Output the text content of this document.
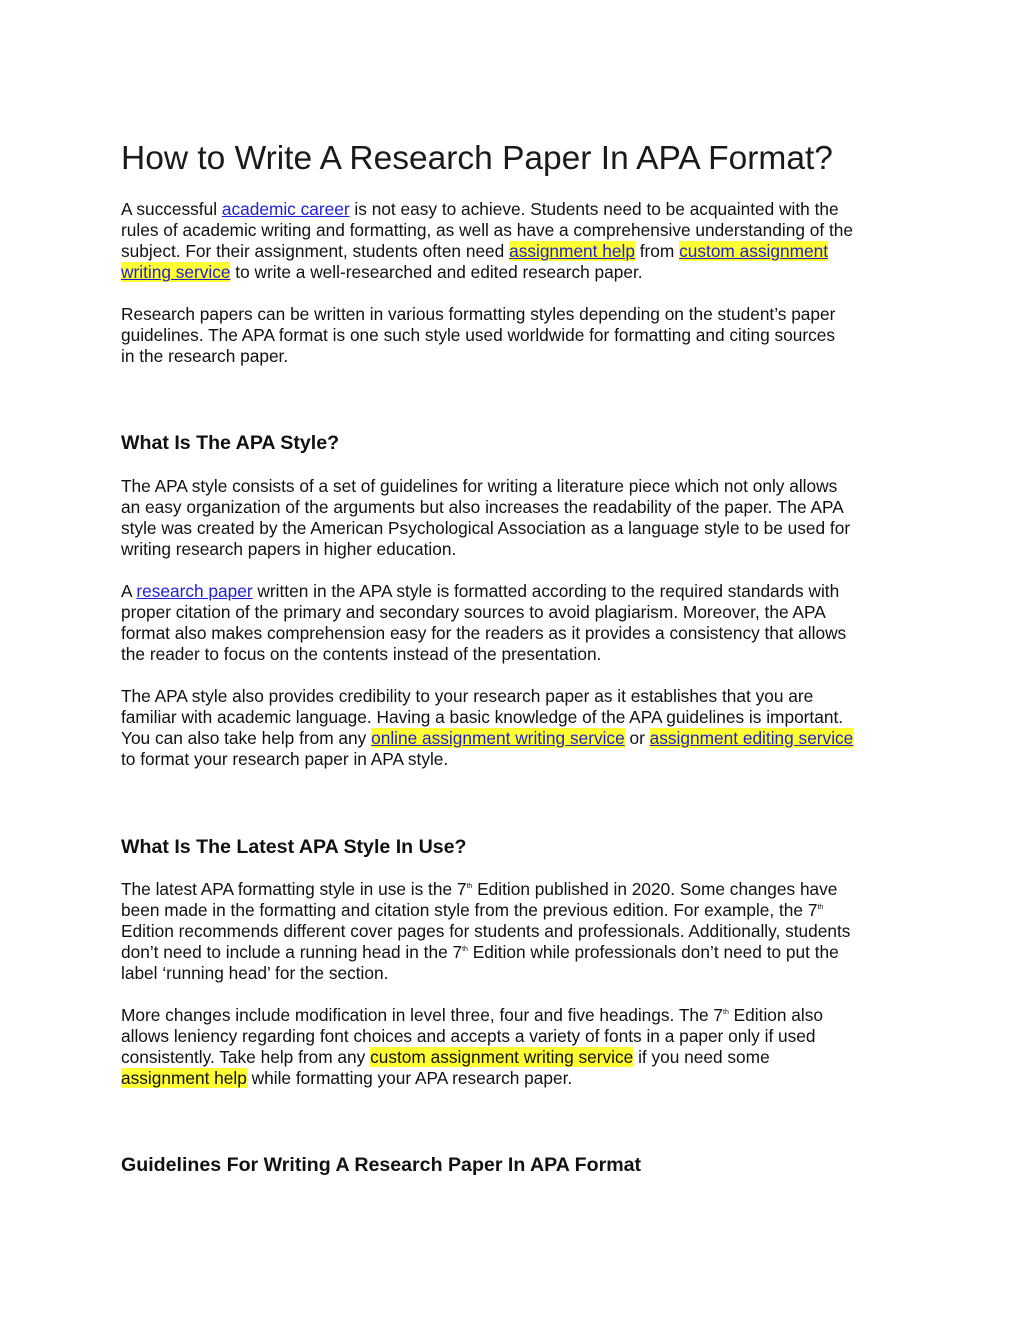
How to Write A Research Paper In APA Format?
A successful academic career is not easy to achieve. Students need to be acquainted with the
rules of academic writing and formatting, as well as have a comprehensive understanding of the
subject. For their assignment, students often need assignment help from custom assignment
writing service to write a well-researched and edited research paper.
Research papers can be written in various formatting styles depending on the student’s paper
guidelines. The APA format is one such style used worldwide for formatting and citing sources
in the research paper.
What Is The APA Style?
The APA style consists of a set of guidelines for writing a literature piece which not only allows
an easy organization of the arguments but also increases the readability of the paper. The APA
style was created by the American Psychological Association as a language style to be used for
writing research papers in higher education.
A research paper written in the APA style is formatted according to the required standards with
proper citation of the primary and secondary sources to avoid plagiarism. Moreover, the APA
format also makes comprehension easy for the readers as it provides a consistency that allows
the reader to focus on the contents instead of the presentation.
The APA style also provides credibility to your research paper as it establishes that you are
familiar with academic language. Having a basic knowledge of the APA guidelines is important.
You can also take help from any online assignment writing service or assignment editing service
to format your research paper in APA style.
What Is The Latest APA Style In Use?
The latest APA formatting style in use is the 7th Edition published in 2020. Some changes have
been made in the formatting and citation style from the previous edition. For example, the 7th
Edition recommends different cover pages for students and professionals. Additionally, students
don’t need to include a running head in the 7th Edition while professionals don’t need to put the
label ‘running head’ for the section.
More changes include modification in level three, four and five headings. The 7th Edition also
allows leniency regarding font choices and accepts a variety of fonts in a paper only if used
consistently. Take help from any custom assignment writing service if you need some
assignment help while formatting your APA research paper.
Guidelines For Writing A Research Paper In APA Format
